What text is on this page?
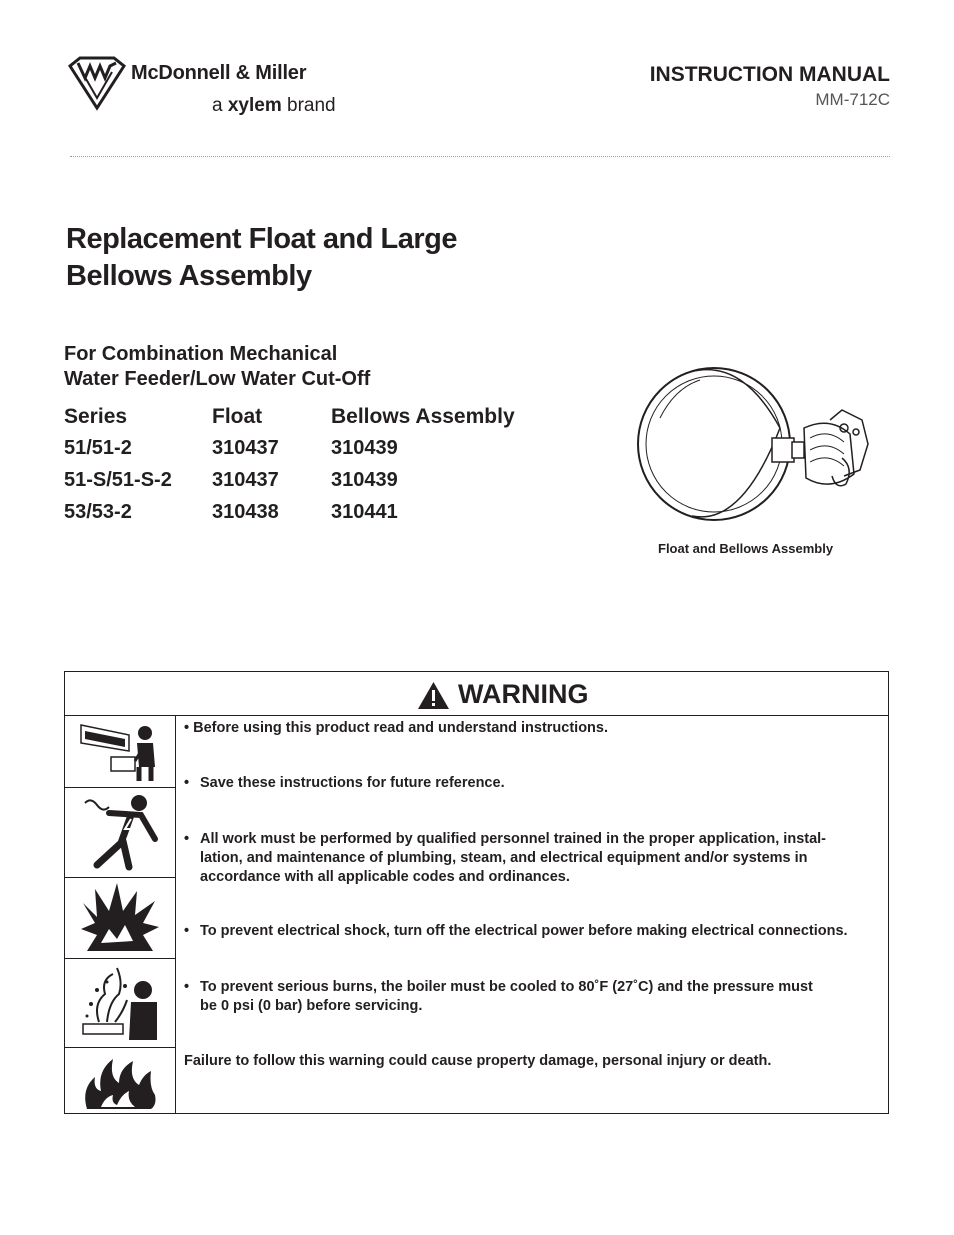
McDonnell & Miller
a xylem brand
INSTRUCTION MANUAL
MM-712C
Replacement Float and Large
Bellows Assembly
For Combination Mechanical
Water Feeder/Low Water Cut-Off
Series	Float	Bellows Assembly
51/51-2	310437	310439
51-S/51-S-2	310437	310439
53/53-2	310438	310441
Float and Bellows Assembly
WARNING
• Before using this product read and understand instructions.
• Save these instructions for future reference.
• All work must be performed by qualified personnel trained in the proper application, instal-
lation, and maintenance of plumbing, steam, and electrical equipment and/or systems in
accordance with all applicable codes and ordinances.
• To prevent electrical shock, turn off the electrical power before making electrical connections.
• To prevent serious burns, the boiler must be cooled to 80˚F (27˚C) and the pressure must
be 0 psi (0 bar) before servicing.
Failure to follow this warning could cause property damage, personal injury or death.
